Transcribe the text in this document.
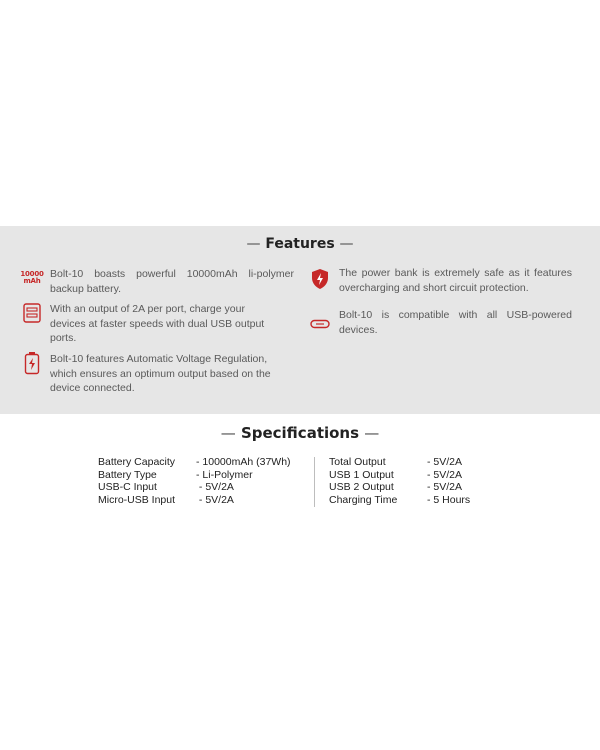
— Features —
10000
mAh
Bolt-10 boasts powerful 10000mAh li-polymer backup battery.
With an output of 2A per port, charge your devices at faster speeds with dual USB output ports.
Bolt-10 features Automatic Voltage Regulation, which ensures an optimum output based on the device connected.
The power bank is extremely safe as it features overcharging and short circuit protection.
Bolt-10 is compatible with all USB-powered devices.
— Specifications —
Battery Capacity - 10000mAh (37Wh)
Battery Type	- Li-Polymer
USB-C Input	- 5V/2A
Micro-USB Input - 5V/2A
Total Output	- 5V/2A
USB 1 Output	- 5V/2A
USB 2 Output	- 5V/2A
Charging Time	- 5 Hours
